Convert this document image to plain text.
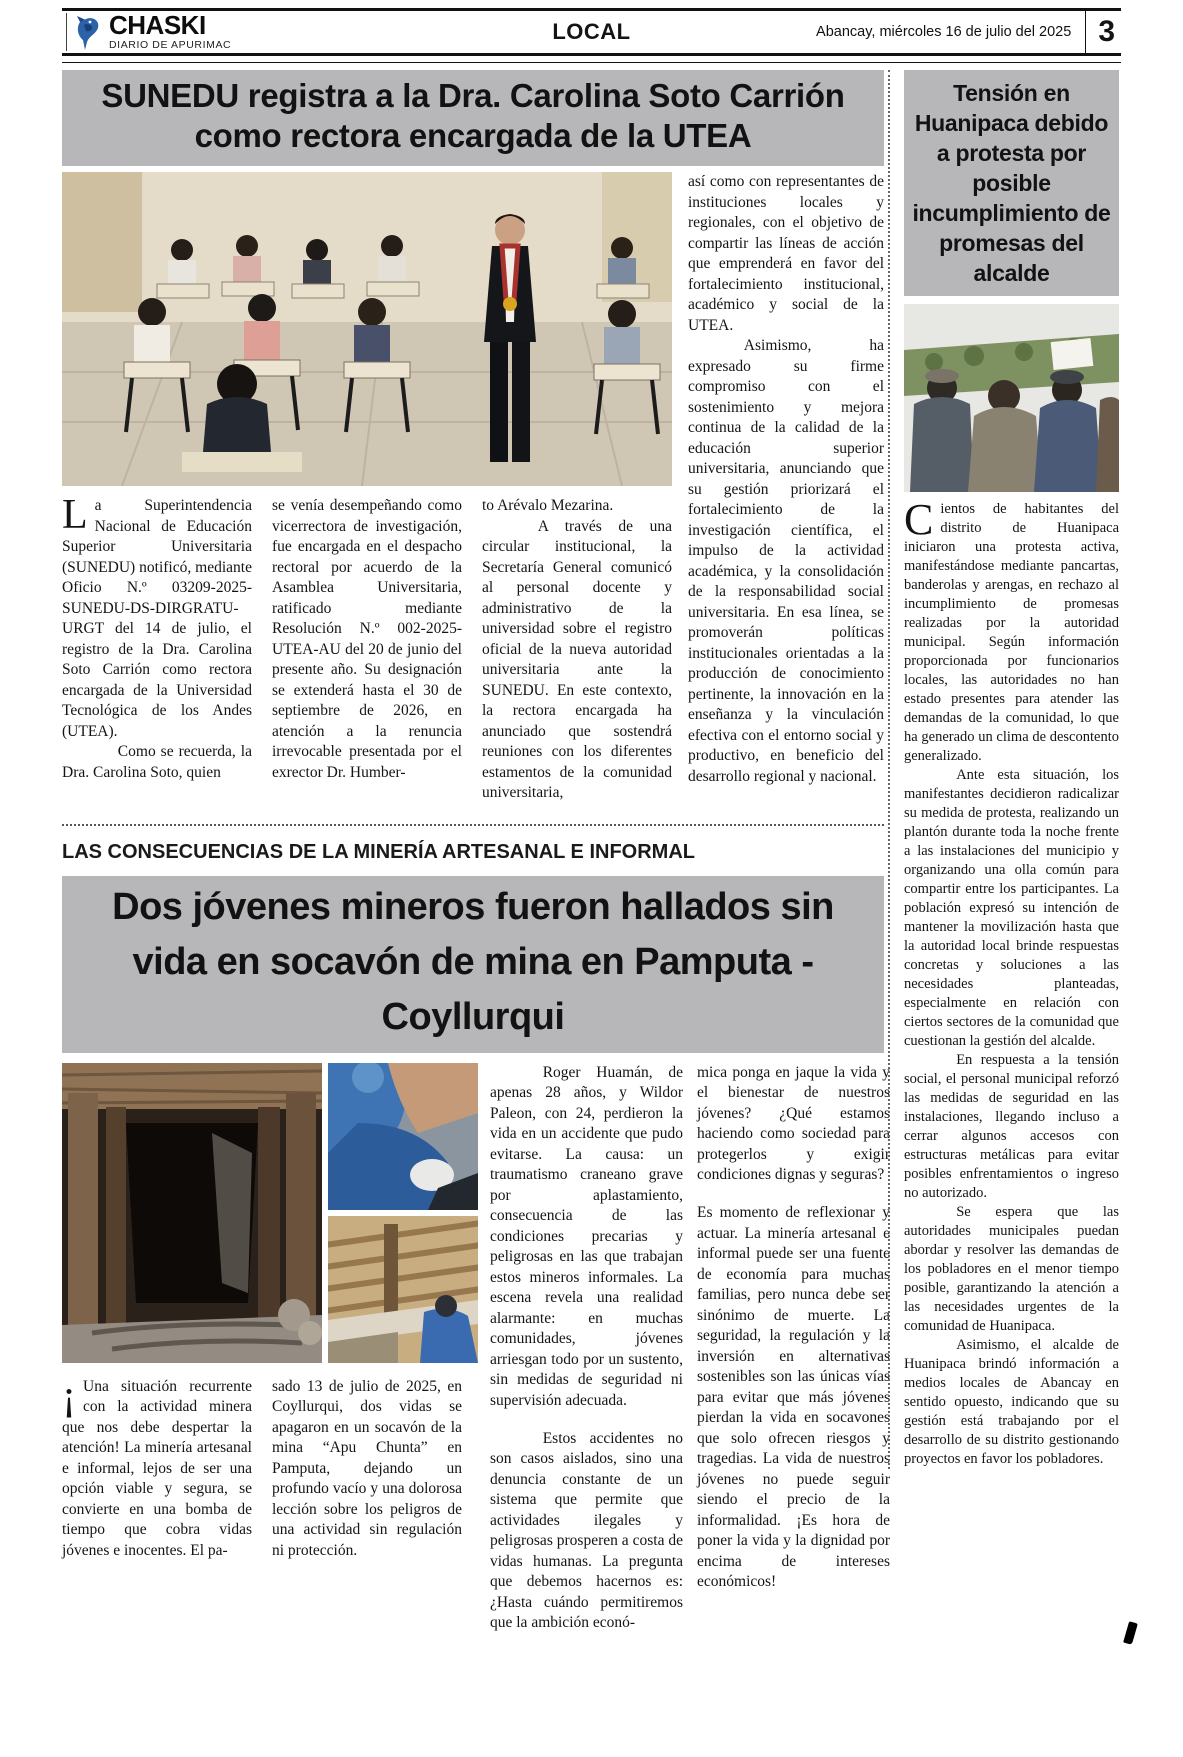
CHASKI
DIARIO DE APURIMAC
LOCAL	Abancay, miércoles 16 de julio del 2025 3
SUNEDU registra a la Dra. Carolina Soto Carrión como rectora encargada de la UTEA
L a Superintendencia Nacional de Educación Superior Universitaria (SUNEDU) notificó, mediante Oficio N.º 03209-2025-SUNEDU-DS-DIRGRATU-URGT del 14 de julio, el registro de la Dra. Carolina Soto Carrión como rectora encargada de la Universidad Tecnológica de los Andes (UTEA).

Como se recuerda, la Dra. Carolina Soto, quien

se venía desempeñando como vicerrectora de investigación, fue encargada en el despacho rectoral por acuerdo de la Asamblea Universitaria, ratificado mediante Resolución N.º 002-2025-UTEA-AU del 20 de junio del presente año. Su designación se extenderá hasta el 30 de septiembre de 2026, en atención a la renuncia irrevocable presentada por el exrector Dr. Humber-

to Arévalo Mezarina.

A través de una circular institucional, la Secretaría General comunicó al personal docente y administrativo de la universidad sobre el registro oficial de la nueva autoridad universitaria ante la SUNEDU. En este contexto, la rectora encargada ha anunciado que sostendrá reuniones con los diferentes estamentos de la comunidad universitaria,

así como con representantes de instituciones locales y regionales, con el objetivo de compartir las líneas de acción que emprenderá en favor del fortalecimiento institucional, académico y social de la UTEA.

Asimismo, ha expresado su firme compromiso con el sostenimiento y mejora continua de la calidad de la educación superior universitaria, anunciando que su gestión priorizará el fortalecimiento de la investigación científica, el impulso de la actividad académica, y la consolidación de la responsabilidad social universitaria. En esa línea, se promoverán políticas institucionales orientadas a la producción de conocimiento pertinente, la innovación en la enseñanza y la vinculación efectiva con el entorno social y productivo, en beneficio del desarrollo regional y nacional.

LAS CONSECUENCIAS DE LA MINERÍA ARTESANAL E INFORMAL
Dos jóvenes mineros fueron hallados sin vida en socavón de mina en Pamputa - Coyllurqui
¡ Una situación recurrente con la actividad minera que nos debe despertar la atención! La minería artesanal e informal, lejos de ser una opción viable y segura, se convierte en una bomba de tiempo que cobra vidas jóvenes e inocentes. El pa-

sado 13 de julio de 2025, en Coyllurqui, dos vidas se apagaron en un socavón de la mina “Apu Chunta” en Pamputa, dejando un profundo vacío y una dolorosa lección sobre los peligros de una actividad sin regulación ni protección.

Roger Huamán, de apenas 28 años, y Wildor Paleon, con 24, perdieron la vida en un accidente que pudo evitarse. La causa: un traumatismo craneano grave por aplastamiento, consecuencia de las condiciones precarias y peligrosas en las que trabajan estos mineros informales. La escena revela una realidad alarmante: en muchas comunidades, jóvenes arriesgan todo por un sustento, sin medidas de seguridad ni supervisión adecuada.

Estos accidentes no son casos aislados, sino una denuncia constante de un sistema que permite que actividades ilegales y peligrosas prosperen a costa de vidas humanas. La pregunta que debemos hacernos es: ¿Hasta cuándo permitiremos que la ambición econó-

mica ponga en jaque la vida y el bienestar de nuestros jóvenes? ¿Qué estamos haciendo como sociedad para protegerlos y exigir condiciones dignas y seguras?

Es momento de reflexionar y actuar. La minería artesanal e informal puede ser una fuente de economía para muchas familias, pero nunca debe ser sinónimo de muerte. La seguridad, la regulación y la inversión en alternativas sostenibles son las únicas vías para evitar que más jóvenes pierdan la vida en socavones que solo ofrecen riesgos y tragedias. La vida de nuestros jóvenes no puede seguir siendo el precio de la informalidad. ¡Es hora de poner la vida y la dignidad por encima de intereses económicos!

Tensión en Huanipaca debido a protesta por posible incumplimiento de promesas del alcalde
C ientos de habitantes del distrito de Huanipaca iniciaron una protesta activa, manifestándose mediante pancartas, banderolas y arengas, en rechazo al incumplimiento de promesas realizadas por la autoridad municipal. Según información proporcionada por funcionarios locales, las autoridades no han estado presentes para atender las demandas de la comunidad, lo que ha generado un clima de descontento generalizado.

Ante esta situación, los manifestantes decidieron radicalizar su medida de protesta, realizando un plantón durante toda la noche frente a las instalaciones del municipio y organizando una olla común para compartir entre los participantes. La población expresó su intención de mantener la movilización hasta que la autoridad local brinde respuestas concretas y soluciones a las necesidades planteadas, especialmente en relación con ciertos sectores de la comunidad que cuestionan la gestión del alcalde.

En respuesta a la tensión social, el personal municipal reforzó las medidas de seguridad en las instalaciones, llegando incluso a cerrar algunos accesos con estructuras metálicas para evitar posibles enfrentamientos o ingreso no autorizado.

Se espera que las autoridades municipales puedan abordar y resolver las demandas de los pobladores en el menor tiempo posible, garantizando la atención a las necesidades urgentes de la comunidad de Huanipaca.

Asimismo, el alcalde de Huanipaca brindó información a medios locales de Abancay en sentido opuesto, indicando que su gestión está trabajando por el desarrollo de su distrito gestionando proyectos en favor los pobladores.
